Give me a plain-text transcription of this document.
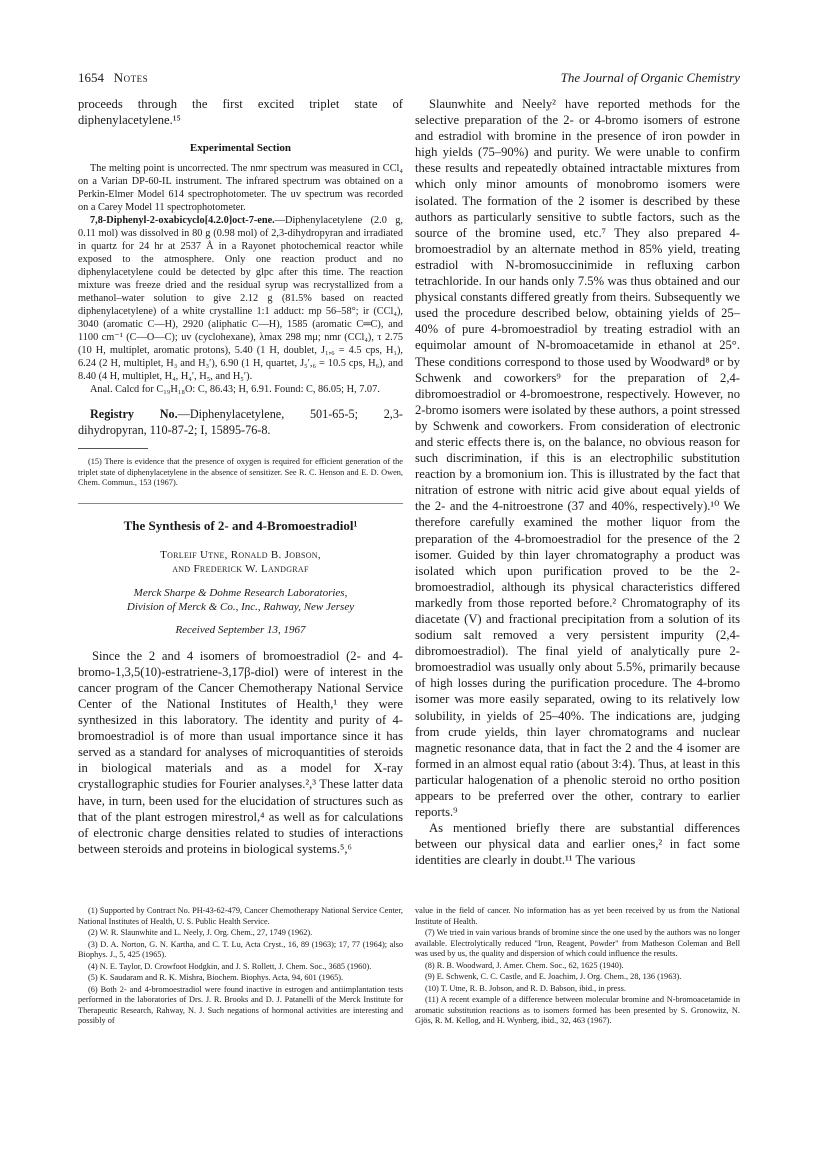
1654 Notes	The Journal of Organic Chemistry

proceeds through the first excited triplet state of diphenylacetylene.¹⁵

Experimental Section

The melting point is uncorrected. The nmr spectrum was measured in CCl₄ on a Varian DP-60-IL instrument. The infrared spectrum was obtained on a Perkin-Elmer Model 614 spectrophotometer. The uv spectrum was recorded on a Carey Model 11 spectrophotometer.

7,8-Diphenyl-2-oxabicyclo[4.2.0]oct-7-ene.—Diphenylacetylene (2.0 g, 0.11 mol) was dissolved in 80 g (0.98 mol) of 2,3-dihydropyran and irradiated in quartz for 24 hr at 2537 Å in a Rayonet photochemical reactor while exposed to the atmosphere. Only one reaction product and no diphenylacetylene could be detected by glpc after this time. The reaction mixture was freeze dried and the residual syrup was recrystallized from a methanol–water solution to give 2.12 g (81.5% based on reacted diphenylacetylene) of a white crystalline 1:1 adduct: mp 56–58°; ir (CCl₄), 3040 (aromatic C—H), 2920 (aliphatic C—H), 1585 (aromatic C═C), and 1100 cm⁻¹ (C—O—C); uv (cyclohexane), λmax 298 mμ; nmr (CCl₄), τ 2.75 (10 H, multiplet, aromatic protons), 5.40 (1 H, doublet, J₁,₆ = 4.5 cps, H₁), 6.24 (2 H, multiplet, H₃ and H₃′), 6.90 (1 H, quartet, J₅′,₆ = 10.5 cps, H₆), and 8.40 (4 H, multiplet, H₄, H₄′, H₅, and H₅′).

Anal. Calcd for C₁₉H₁₈O: C, 86.43; H, 6.91. Found: C, 86.05; H, 7.07.

Registry No.—Diphenylacetylene, 501-65-5; 2,3-dihydropyran, 110-87-2; I, 15895-76-8.

(15) There is evidence that the presence of oxygen is required for efficient generation of the triplet state of diphenylacetylene in the absence of sensitizer. See R. C. Henson and E. D. Owen, Chem. Commun., 153 (1967).
The Synthesis of 2- and 4-Bromoestradiol¹
Torleif Utne, Ronald B. Jobson,
and Frederick W. Landgraf
Merck Sharpe & Dohme Research Laboratories,
Division of Merck & Co., Inc., Rahway, New Jersey
Received September 13, 1967

Since the 2 and 4 isomers of bromoestradiol (2- and 4-bromo-1,3,5(10)-estratriene-3,17β-diol) were of interest in the cancer program of the Cancer Chemotherapy National Service Center of the National Institutes of Health,¹ they were synthesized in this laboratory. The identity and purity of 4-bromoestradiol is of more than usual importance since it has served as a standard for analyses of microquantities of steroids in biological materials and as a model for X-ray crystallographic studies for Fourier analyses.²,³ These latter data have, in turn, been used for the elucidation of structures such as that of the plant estrogen mirestrol,⁴ as well as for calculations of electronic charge densities related to studies of interactions between steroids and proteins in biological systems.⁵,⁶

Slaunwhite and Neely² have reported methods for the selective preparation of the 2- or 4-bromo isomers of estrone and estradiol with bromine in the presence of iron powder in high yields (75–90%) and purity. We were unable to confirm these results and repeatedly obtained intractable mixtures from which only minor amounts of monobromo isomers were isolated. The formation of the 2 isomer is described by these authors as particularly sensitive to subtle factors, such as the source of the bromine used, etc.⁷ They also prepared 4-bromoestradiol by an alternate method in 85% yield, treating estradiol with N-bromosuccinimide in refluxing carbon tetrachloride. In our hands only 7.5% was thus obtained and our physical constants differed greatly from theirs. Subsequently we used the procedure described below, obtaining yields of 25–40% of pure 4-bromoestradiol by treating estradiol with an equimolar amount of N-bromoacetamide in ethanol at 25°. These conditions correspond to those used by Woodward⁸ or by Schwenk and coworkers⁹ for the preparation of 2,4-dibromoestradiol or 4-bromoestrone, respectively. However, no 2-bromo isomers were isolated by these authors, a point stressed by Schwenk and coworkers. From consideration of electronic and steric effects there is, on the balance, no obvious reason for such discrimination, if this is an electrophilic substitution reaction by a bromonium ion. This is illustrated by the fact that nitration of estrone with nitric acid give about equal yields of the 2- and the 4-nitroestrone (37 and 40%, respectively).¹⁰ We therefore carefully examined the mother liquor from the preparation of the 4-bromoestradiol for the presence of the 2 isomer. Guided by thin layer chromatography a product was isolated which upon purification proved to be the 2-bromoestradiol, although its physical characteristics differed markedly from those reported before.² Chromatography of its diacetate (V) and fractional precipitation from a solution of its sodium salt removed a very persistent impurity (2,4-dibromoestradiol). The final yield of analytically pure 2-bromoestradiol was usually only about 5.5%, primarily because of high losses during the purification procedure. The 4-bromo isomer was more easily separated, owing to its relatively low solubility, in yields of 25–40%. The indications are, judging from crude yields, thin layer chromatograms and nuclear magnetic resonance data, that in fact the 2 and the 4 isomer are formed in an almost equal ratio (about 3:4). Thus, at least in this particular halogenation of a phenolic steroid no ortho position appears to be preferred over the other, contrary to earlier reports.⁹

As mentioned briefly there are substantial differences between our physical data and earlier ones,² in fact some identities are clearly in doubt.¹¹ The various

(1) Supported by Contract No. PH-43-62-479, Cancer Chemotherapy National Service Center, National Institutes of Health, U. S. Public Health Service.

(2) W. R. Slaunwhite and L. Neely, J. Org. Chem., 27, 1749 (1962).

(3) D. A. Norton, G. N. Kartha, and C. T. Lu, Acta Cryst., 16, 89 (1963); 17, 77 (1964); also Biophys. J., 5, 425 (1965).

(4) N. E. Taylor, D. Crowfoot Hodgkin, and J. S. Rollett, J. Chem. Soc., 3685 (1960).

(5) K. Saudaram and R. K. Mishra, Biochem. Biophys. Acta, 94, 601 (1965).

(6) Both 2- and 4-bromoestradiol were found inactive in estrogen and antiimplantation tests performed in the laboratories of Drs. J. R. Brooks and D. J. Patanelli of the Merck Institute for Therapeutic Research, Rahway, N. J. Such negations of hormonal activities are interesting and possibly of

value in the field of cancer. No information has as yet been received by us from the National Institute of Health.

(7) We tried in vain various brands of bromine since the one used by the authors was no longer available. Electrolytically reduced "Iron, Reagent, Powder" from Matheson Coleman and Bell was used by us, the quality and dispersion of which could influence the results.

(8) R. B. Woodward, J. Amer. Chem. Soc., 62, 1625 (1940).

(9) E. Schwenk, C. C. Castle, and E. Joachim, J. Org. Chem., 28, 136 (1963).

(10) T. Utne, R. B. Jobson, and R. D. Babson, ibid., in press.

(11) A recent example of a difference between molecular bromine and N-bromoacetamide in aromatic substitution reactions as to isomers formed has been presented by S. Gronowitz, N. Gjös, R. M. Kellog, and H. Wynberg, ibid., 32, 463 (1967).
